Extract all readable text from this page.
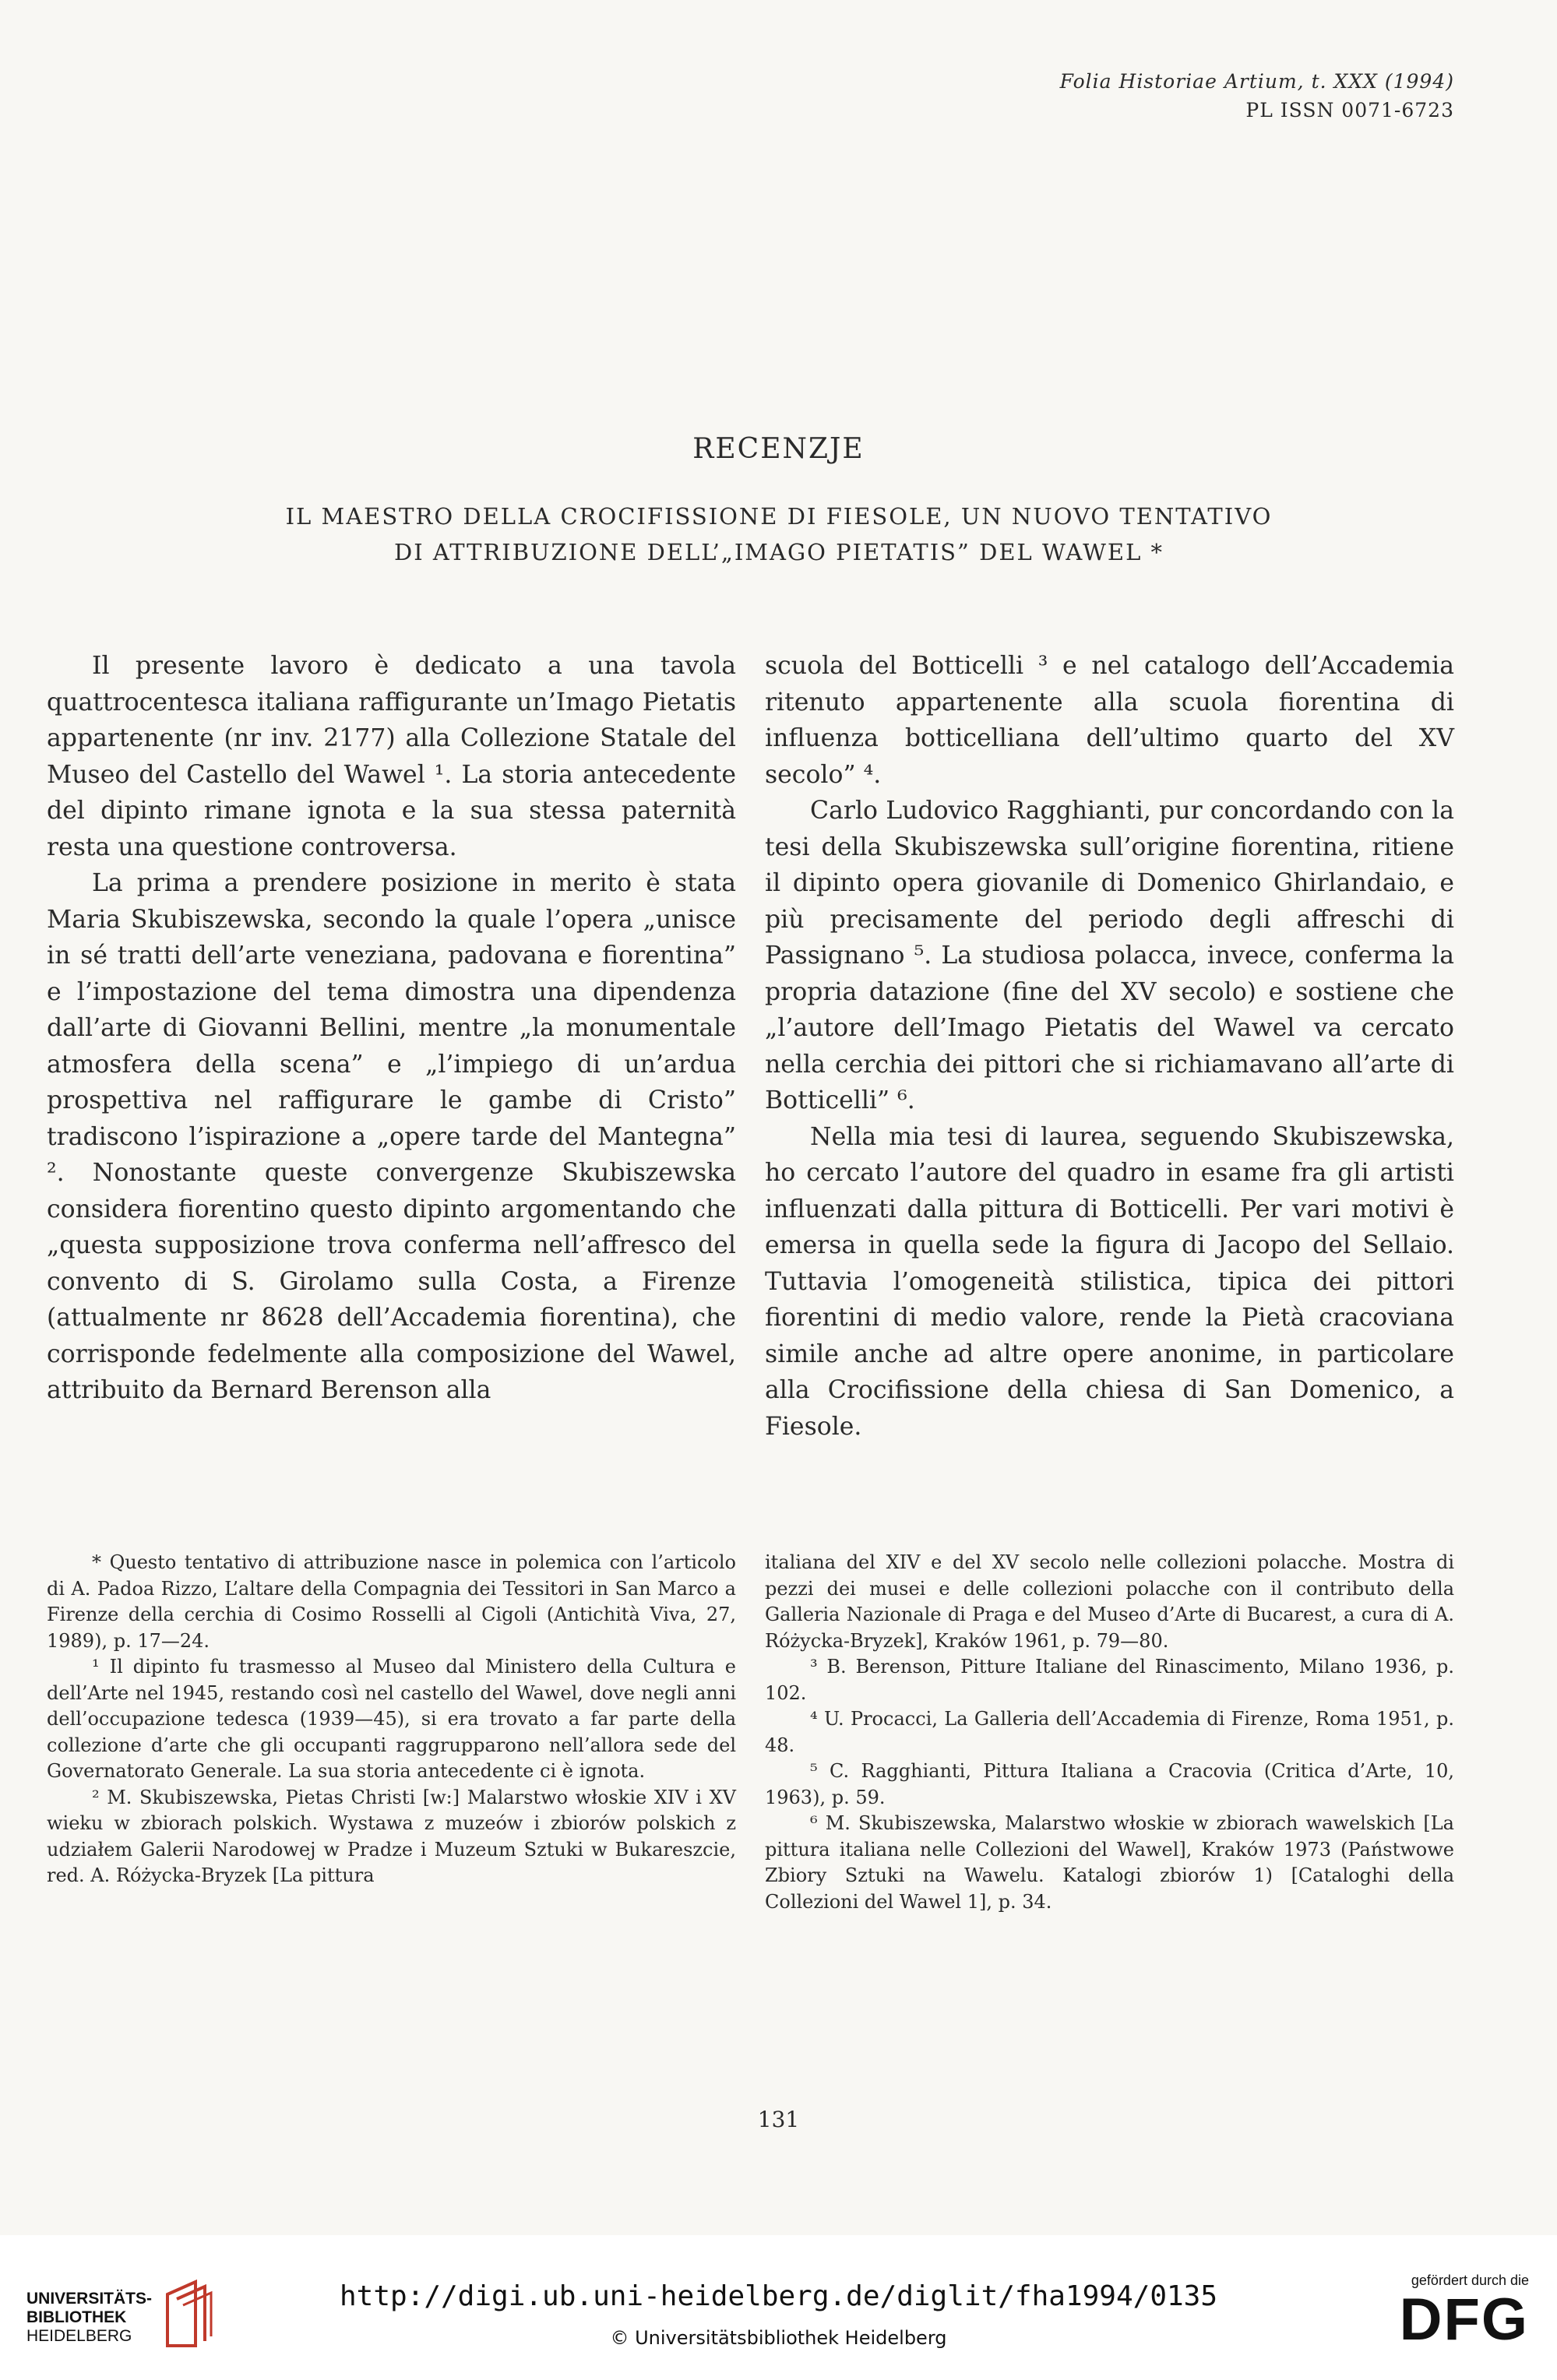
Folia Historiae Artium, t. XXX (1994)
PL ISSN 0071-6723
RECENZJE
IL MAESTRO DELLA CROCIFISSIONE DI FIESOLE, UN NUOVO TENTATIVO
DI ATTRIBUZIONE DELL’„IMAGO PIETATIS” DEL WAWEL *

Il presente lavoro è dedicato a una tavola quattrocentesca italiana raffigurante un’Imago Pietatis appartenente (nr inv. 2177) alla Collezione Statale del Museo del Castello del Wawel ¹. La storia antecedente del dipinto rimane ignota e la sua stessa paternità resta una questione controversa.

La prima a prendere posizione in merito è stata Maria Skubiszewska, secondo la quale l’opera „unisce in sé tratti dell’arte veneziana, padovana e fiorentina” e l’impostazione del tema dimostra una dipendenza dall’arte di Giovanni Bellini, mentre „la monumentale atmosfera della scena” e „l’impiego di un’ardua prospettiva nel raffigurare le gambe di Cristo” tradiscono l’ispirazione a „opere tarde del Mantegna” ². Nonostante queste convergenze Skubiszewska considera fiorentino questo dipinto argomentando che „questa supposizione trova conferma nell’affresco del convento di S. Girolamo sulla Costa, a Firenze (attualmente nr 8628 dell’Accademia fiorentina), che corrisponde fedelmente alla composizione del Wawel, attribuito da Bernard Berenson alla

scuola del Botticelli ³ e nel catalogo dell’Accademia ritenuto appartenente alla scuola fiorentina di influenza botticelliana dell’ultimo quarto del XV secolo” ⁴.

Carlo Ludovico Ragghianti, pur concordando con la tesi della Skubiszewska sull’origine fiorentina, ritiene il dipinto opera giovanile di Domenico Ghirlandaio, e più precisamente del periodo degli affreschi di Passignano ⁵. La studiosa polacca, invece, conferma la propria datazione (fine del XV secolo) e sostiene che „l’autore dell’Imago Pietatis del Wawel va cercato nella cerchia dei pittori che si richiamavano all’arte di Botticelli” ⁶.

Nella mia tesi di laurea, seguendo Skubiszewska, ho cercato l’autore del quadro in esame fra gli artisti influenzati dalla pittura di Botticelli. Per vari motivi è emersa in quella sede la figura di Jacopo del Sellaio. Tuttavia l’omogeneità stilistica, tipica dei pittori fiorentini di medio valore, rende la Pietà cracoviana simile anche ad altre opere anonime, in particolare alla Crocifissione della chiesa di San Domenico, a Fiesole.

* Questo tentativo di attribuzione nasce in polemica con l’articolo di A. Padoa Rizzo, L’altare della Compagnia dei Tessitori in San Marco a Firenze della cerchia di Cosimo Rosselli al Cigoli (Antichità Viva, 27, 1989), p. 17—24.

¹ Il dipinto fu trasmesso al Museo dal Ministero della Cultura e dell’Arte nel 1945, restando così nel castello del Wawel, dove negli anni dell’occupazione tedesca (1939—45), si era trovato a far parte della collezione d’arte che gli occupanti raggrupparono nell’allora sede del Governatorato Generale. La sua storia antecedente ci è ignota.

² M. Skubiszewska, Pietas Christi [w:] Malarstwo włoskie XIV i XV wieku w zbiorach polskich. Wystawa z muzeów i zbiorów polskich z udziałem Galerii Narodowej w Pradze i Muzeum Sztuki w Bukareszcie, red. A. Różycka-Bryzek [La pittura

italiana del XIV e del XV secolo nelle collezioni polacche. Mostra di pezzi dei musei e delle collezioni polacche con il contributo della Galleria Nazionale di Praga e del Museo d’Arte di Bucarest, a cura di A. Różycka-Bryzek], Kraków 1961, p. 79—80.

³ B. Berenson, Pitture Italiane del Rinascimento, Milano 1936, p. 102.

⁴ U. Procacci, La Galleria dell’Accademia di Firenze, Roma 1951, p. 48.

⁵ C. Ragghianti, Pittura Italiana a Cracovia (Critica d’Arte, 10, 1963), p. 59.

⁶ M. Skubiszewska, Malarstwo włoskie w zbiorach wawelskich [La pittura italiana nelle Collezioni del Wawel], Kraków 1973 (Państwowe Zbiory Sztuki na Wawelu. Katalogi zbiorów 1) [Cataloghi della Collezioni del Wawel 1], p. 34.

131
UNIVERSITÄTS-
BIBLIOTHEK
HEIDELBERG
http://digi.ub.uni-heidelberg.de/diglit/fha1994/0135
© Universitätsbibliothek Heidelberg
gefördert durch die
DFG
